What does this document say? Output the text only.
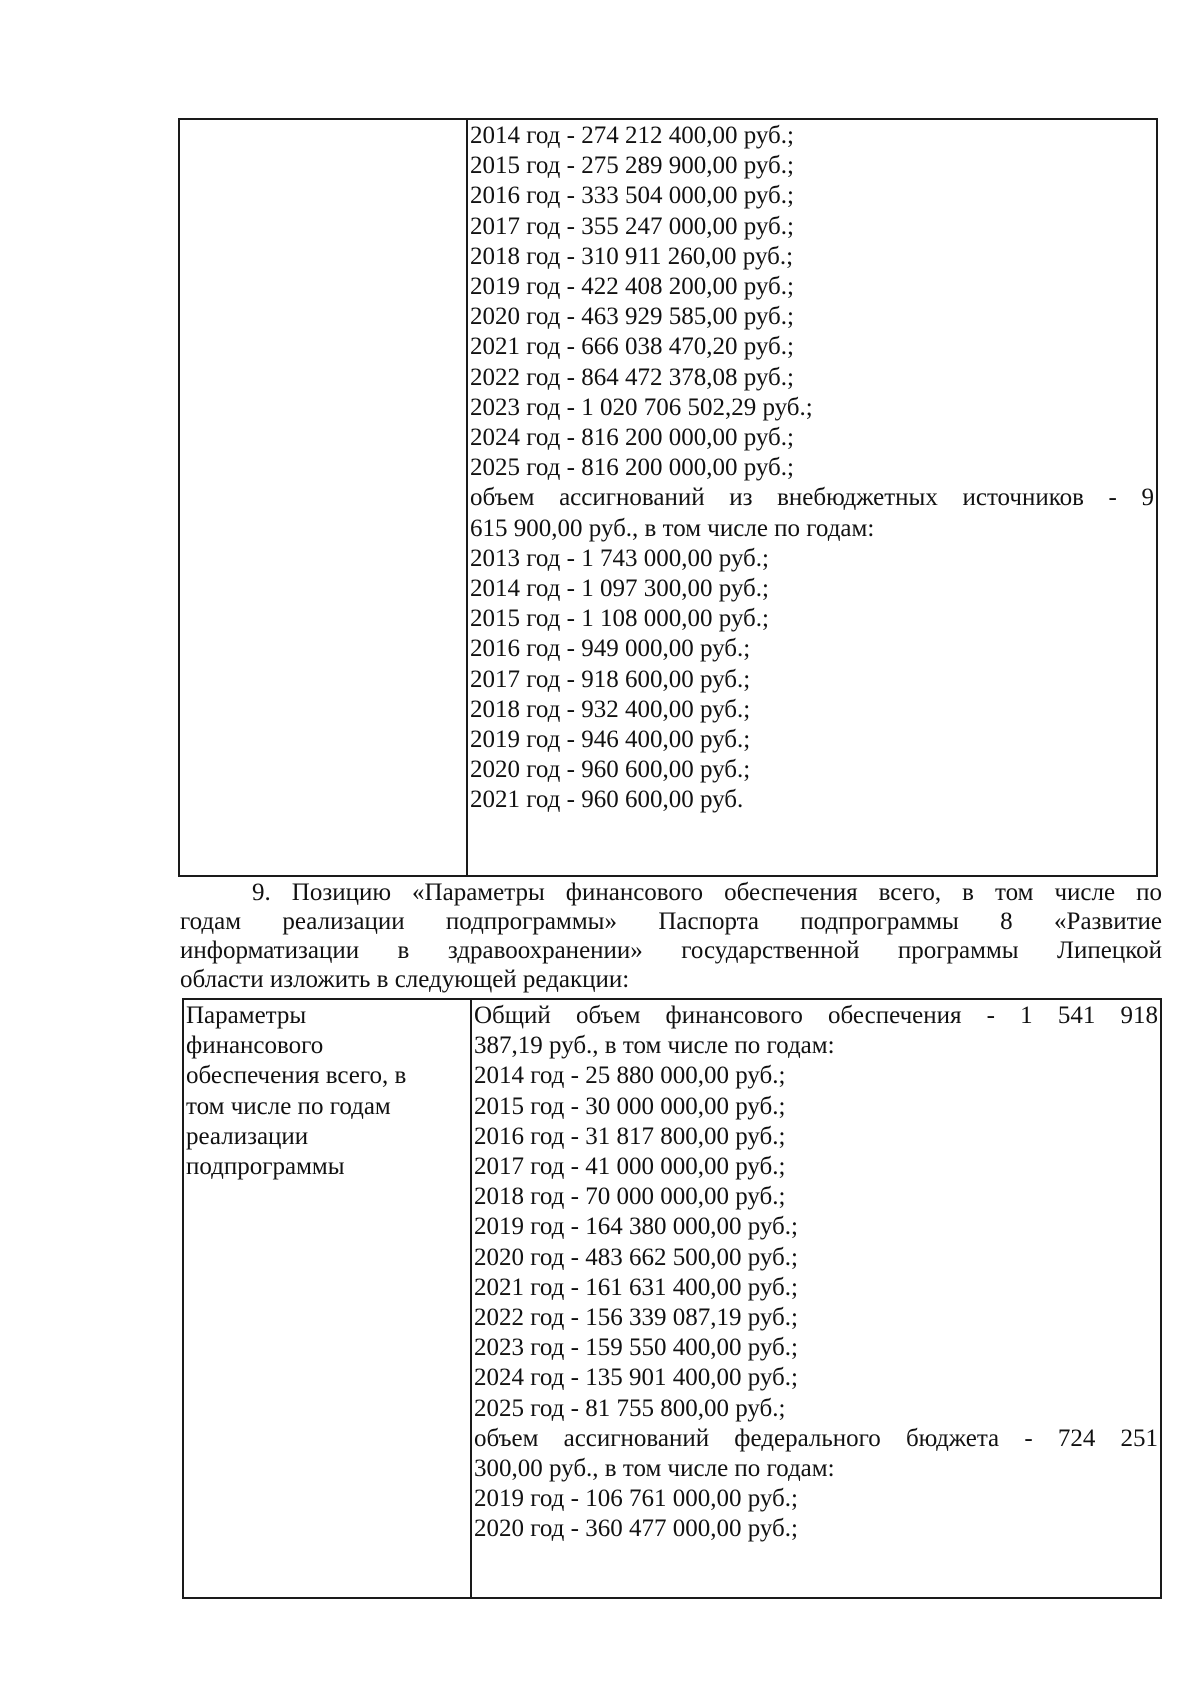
2014 год - 274 212 400,00 руб.;
2015 год - 275 289 900,00 руб.;
2016 год - 333 504 000,00 руб.;
2017 год - 355 247 000,00 руб.;
2018 год - 310 911 260,00 руб.;
2019 год - 422 408 200,00 руб.;
2020 год - 463 929 585,00 руб.;
2021 год - 666 038 470,20 руб.;
2022 год - 864 472 378,08 руб.;
2023 год - 1 020 706 502,29 руб.;
2024 год - 816 200 000,00 руб.;
2025 год - 816 200 000,00 руб.;
объем ассигнований из внебюджетных источников - 9
615 900,00 руб., в том числе по годам:
2013 год - 1 743 000,00 руб.;
2014 год - 1 097 300,00 руб.;
2015 год - 1 108 000,00 руб.;
2016 год - 949 000,00 руб.;
2017 год - 918 600,00 руб.;
2018 год - 932 400,00 руб.;
2019 год - 946 400,00 руб.;
2020 год - 960 600,00 руб.;
2021 год - 960 600,00 руб.
9. Позицию «Параметры финансового обеспечения всего, в том числе по
годам реализации подпрограммы» Паспорта подпрограммы 8 «Развитие
информатизации в здравоохранении» государственной программы Липецкой
области изложить в следующей редакции:
Параметры
финансового
обеспечения всего, в
том числе по годам
реализации
подпрограммы
Общий объем финансового обеспечения - 1 541 918
387,19 руб., в том числе по годам:
2014 год - 25 880 000,00 руб.;
2015 год - 30 000 000,00 руб.;
2016 год - 31 817 800,00 руб.;
2017 год - 41 000 000,00 руб.;
2018 год - 70 000 000,00 руб.;
2019 год - 164 380 000,00 руб.;
2020 год - 483 662 500,00 руб.;
2021 год - 161 631 400,00 руб.;
2022 год - 156 339 087,19 руб.;
2023 год - 159 550 400,00 руб.;
2024 год - 135 901 400,00 руб.;
2025 год - 81 755 800,00 руб.;
объем ассигнований федерального бюджета - 724 251
300,00 руб., в том числе по годам:
2019 год - 106 761 000,00 руб.;
2020 год - 360 477 000,00 руб.;
